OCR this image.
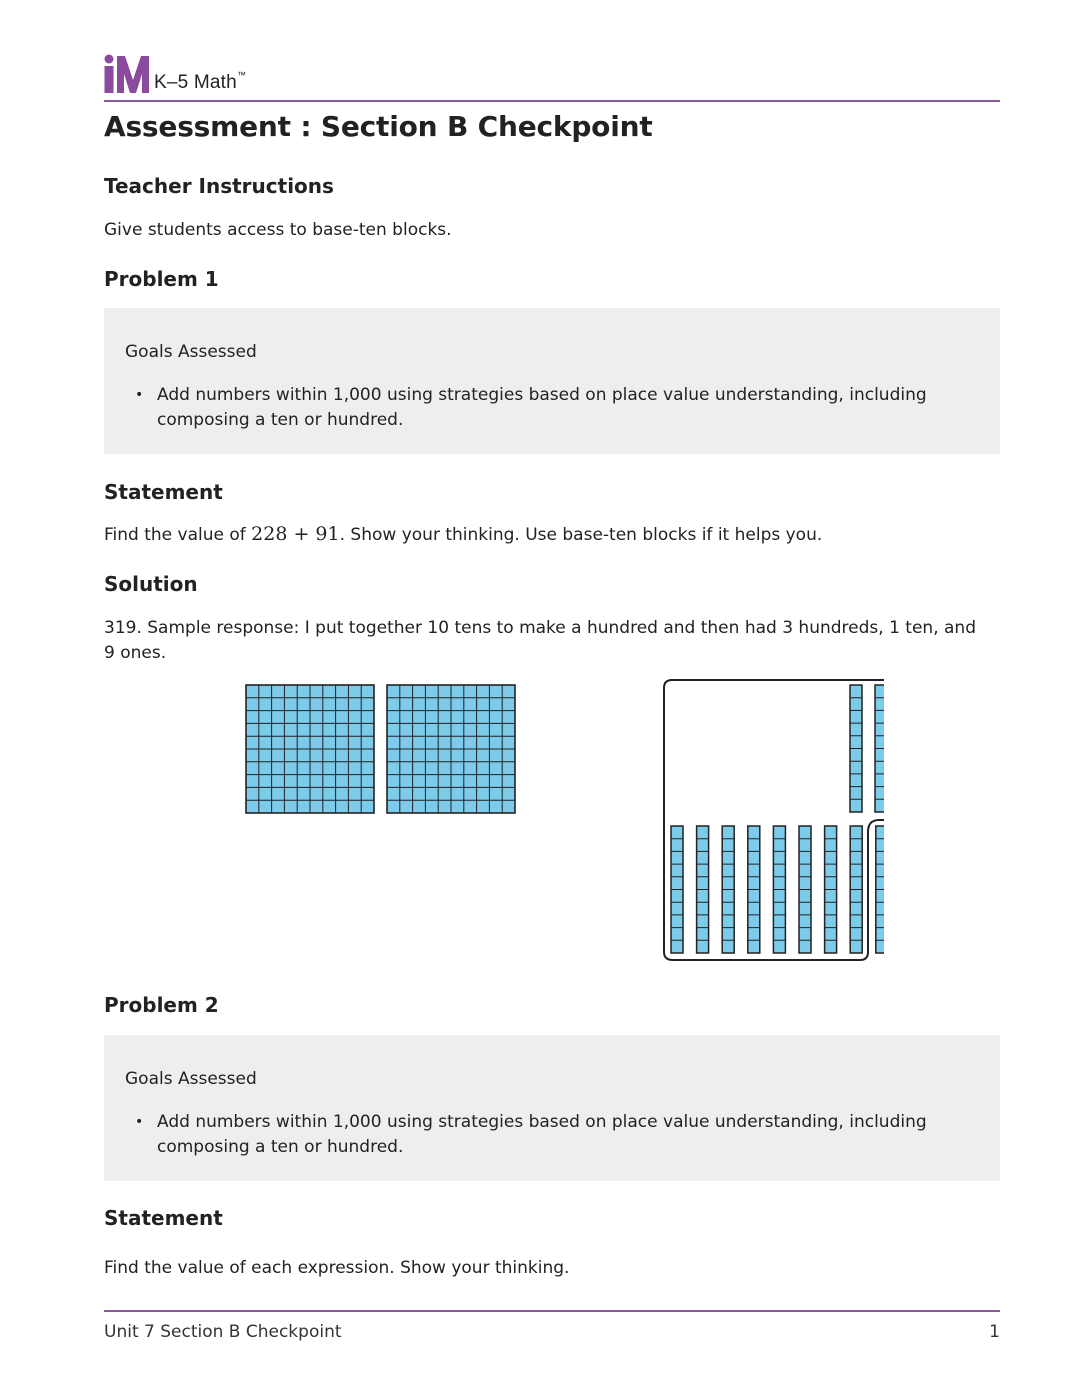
K–5 Math™
Assessment : Section B Checkpoint
Teacher Instructions

Give students access to base-ten blocks.

Problem 1
Goals Assessed
• Add numbers within 1,000 using strategies based on place value understanding, including composing a ten or hundred.
Statement

Find the value of 228 + 91. Show your thinking. Use base-ten blocks if it helps you.

Solution

319. Sample response: I put together 10 tens to make a hundred and then had 3 hundreds, 1 ten, and 9 ones.

Problem 2
Goals Assessed
• Add numbers within 1,000 using strategies based on place value understanding, including composing a ten or hundred.
Statement

Find the value of each expression. Show your thinking.

Unit 7 Section B Checkpoint	1
